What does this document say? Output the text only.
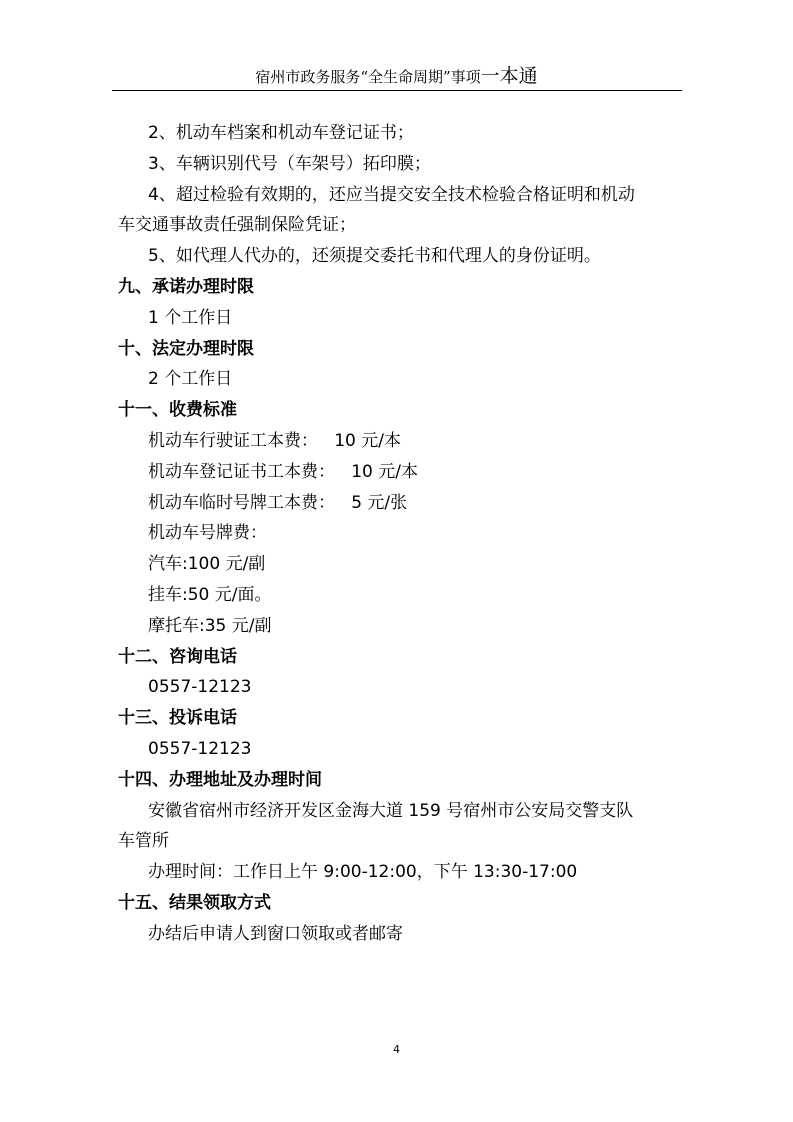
宿州市政务服务“全生命周期”事项一本通
2、机动车档案和机动车登记证书；
3、车辆识别代号（车架号）拓印膜；
4、超过检验有效期的，还应当提交安全技术检验合格证明和机动
车交通事故责任强制保险凭证；
5、如代理人代办的，还须提交委托书和代理人的身份证明。
九、承诺办理时限
1 个工作日
十、法定办理时限
2 个工作日
十一、收费标准
机动车行驶证工本费：   10 元/本
机动车登记证书工本费：   10 元/本
机动车临时号牌工本费：   5 元/张
机动车号牌费：
汽车:100 元/副
挂车:50 元/面。
摩托车:35 元/副
十二、咨询电话
0557-12123
十三、投诉电话
0557-12123
十四、办理地址及办理时间
安徽省宿州市经济开发区金海大道 159 号宿州市公安局交警支队
车管所
办理时间：工作日上午 9:00-12:00，下午 13:30-17:00
十五、结果领取方式
办结后申请人到窗口领取或者邮寄
4
